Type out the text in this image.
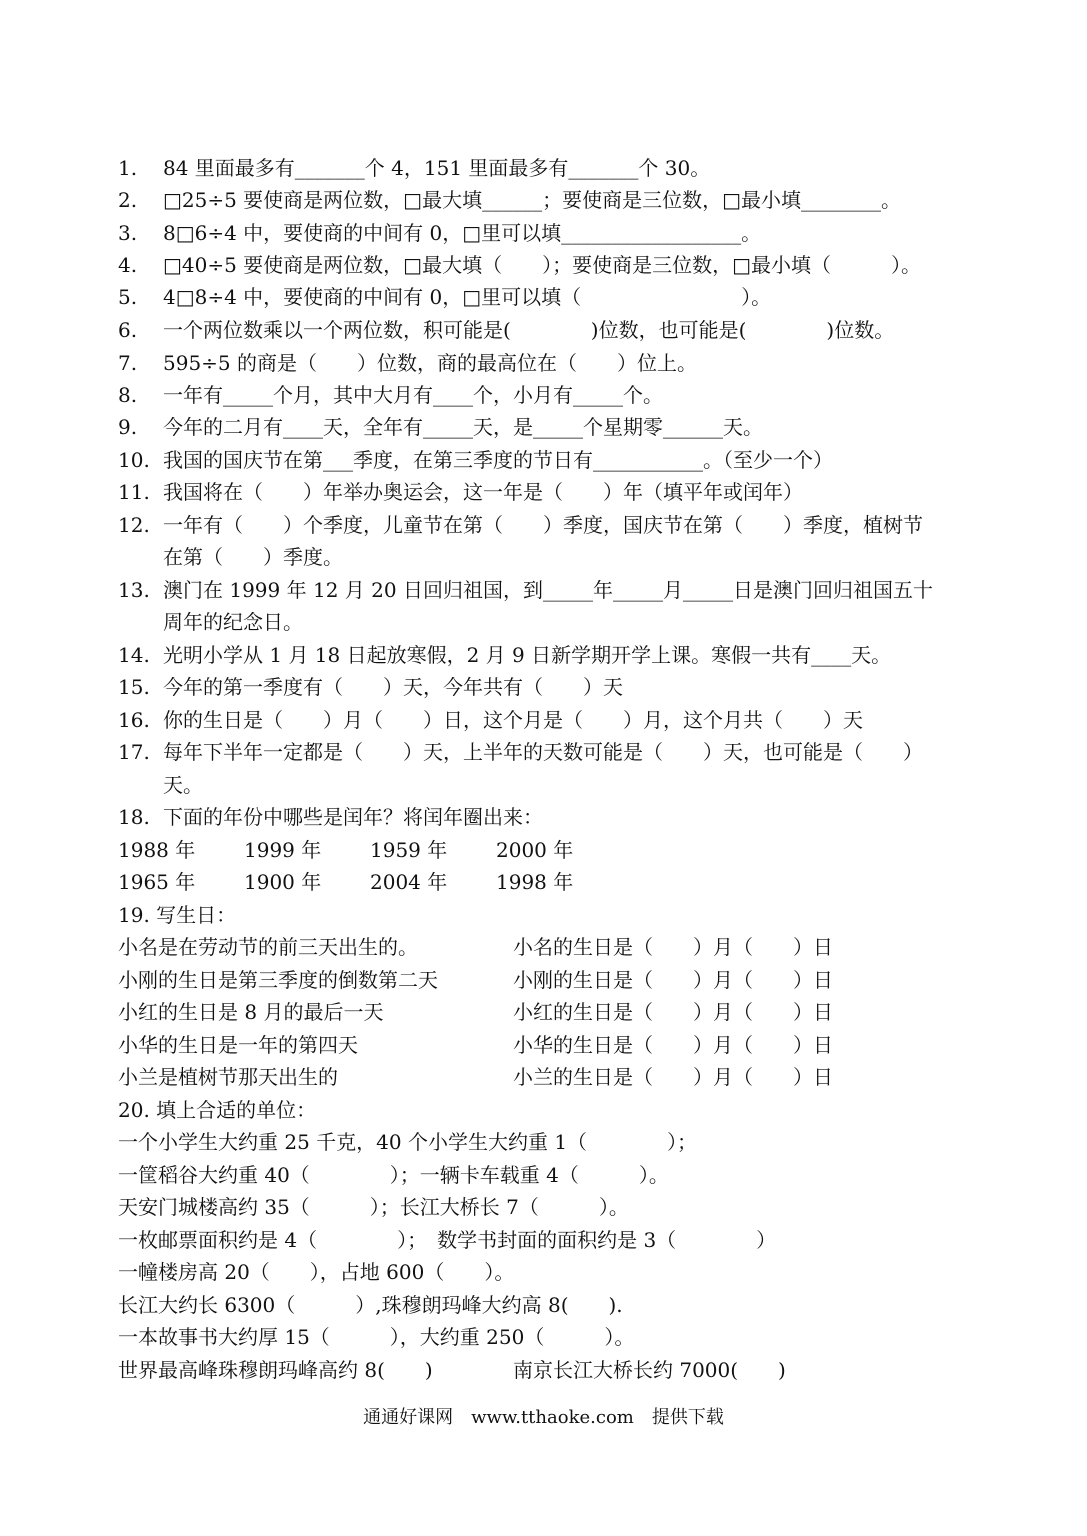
1.	84 里面最多有_______个 4，151 里面最多有_______个 30。
2.	□25÷5 要使商是两位数，□最大填______；要使商是三位数，□最小填________。
3.	8□6÷4 中，要使商的中间有 0，□里可以填__________________。
4.	□40÷5 要使商是两位数，□最大填（　　）；要使商是三位数，□最小填（　　　）。
5.	4□8÷4 中，要使商的中间有 0，□里可以填（　　　　　　　　）。
6.	一个两位数乘以一个两位数，积可能是(　　　　)位数，也可能是(　　　　)位数。
7.	595÷5 的商是（　　）位数，商的最高位在（　　）位上。
8.	一年有_____个月，其中大月有____个，小月有_____个。
9.	今年的二月有____天，全年有_____天，是_____个星期零______天。
10. 我国的国庆节在第___季度，在第三季度的节日有___________。（至少一个）
11. 我国将在（　　）年举办奥运会，这一年是（　　）年（填平年或闰年）
12. 一年有（　　）个季度，儿童节在第（　　）季度，国庆节在第（　　）季度，植树节
在第（　　）季度。
13. 澳门在 1999 年 12 月 20 日回归祖国，到_____年_____月_____日是澳门回归祖国五十
周年的纪念日。
14. 光明小学从 1 月 18 日起放寒假，2 月 9 日新学期开学上课。寒假一共有____天。
15. 今年的第一季度有（　　）天，今年共有（　　）天
16. 你的生日是（　　）月（　　）日，这个月是（　　）月，这个月共（　　）天
17. 每年下半年一定都是（　　）天，上半年的天数可能是（　　）天，也可能是（　　）
天。
18. 下面的年份中哪些是闰年？将闰年圈出来：
1988 年 1999 年 1959 年 2000 年
1965 年 1900 年 2004 年 1998 年
19. 写生日：
小名是在劳动节的前三天出生的。	小名的生日是（　　）月（　　）日
小刚的生日是第三季度的倒数第二天	小刚的生日是（　　）月（　　）日
小红的生日是 8 月的最后一天	小红的生日是（　　）月（　　）日
小华的生日是一年的第四天	小华的生日是（　　）月（　　）日
小兰是植树节那天出生的	小兰的生日是（　　）月（　　）日
20. 填上合适的单位：
一个小学生大约重 25 千克，40 个小学生大约重 1（　　　　）；
一筐稻谷大约重 40（　　　　）；一辆卡车载重 4（　　　）。
天安门城楼高约 35（　　　）；长江大桥长 7（　　　）。
一枚邮票面积约是 4（　　　　）；　数学书封面的面积约是 3（　　　　）
一幢楼房高 20（　　），占地 600（　　）。
长江大约长 6300（　　　）,珠穆朗玛峰大约高 8(　　).
一本故事书大约厚 15（　　　），大约重 250（　　　）。
世界最高峰珠穆朗玛峰高约 8(　　)	南京长江大桥长约 7000(　　)
通通好课网　www.tthaoke.com　提供下载
